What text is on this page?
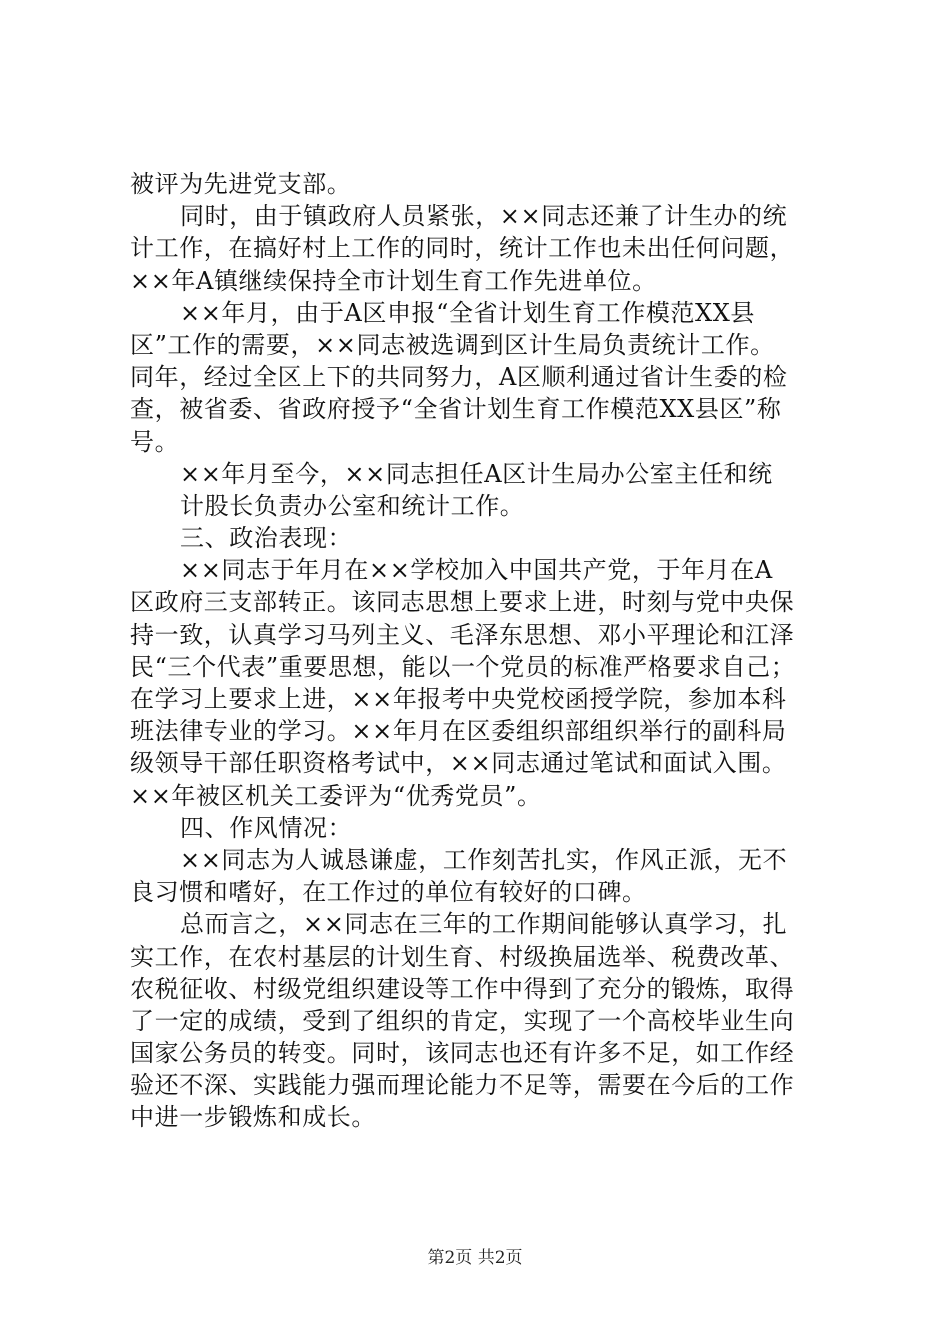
被评为先进党支部。
同时，由于镇政府人员紧张，××同志还兼了计生办的统
计工作，在搞好村上工作的同时，统计工作也未出任何问题，
××年A镇继续保持全市计划生育工作先进单位。
××年月，由于A区申报“全省计划生育工作模范XX县
区”工作的需要，××同志被选调到区计生局负责统计工作。
同年，经过全区上下的共同努力，A区顺利通过省计生委的检
查，被省委、省政府授予“全省计划生育工作模范XX县区”称
号。
××年月至今，××同志担任A区计生局办公室主任和统
计股长负责办公室和统计工作。
三、政治表现：
××同志于年月在××学校加入中国共产党，于年月在A
区政府三支部转正。该同志思想上要求上进，时刻与党中央保
持一致，认真学习马列主义、毛泽东思想、邓小平理论和江泽
民“三个代表”重要思想，能以一个党员的标准严格要求自己；
在学习上要求上进，××年报考中央党校函授学院，参加本科
班法律专业的学习。××年月在区委组织部组织举行的副科局
级领导干部任职资格考试中，××同志通过笔试和面试入围。
××年被区机关工委评为“优秀党员”。
四、作风情况：
××同志为人诚恳谦虚，工作刻苦扎实，作风正派，无不
良习惯和嗜好，在工作过的单位有较好的口碑。
总而言之，××同志在三年的工作期间能够认真学习，扎
实工作，在农村基层的计划生育、村级换届选举、税费改革、
农税征收、村级党组织建设等工作中得到了充分的锻炼，取得
了一定的成绩，受到了组织的肯定，实现了一个高校毕业生向
国家公务员的转变。同时，该同志也还有许多不足，如工作经
验还不深、实践能力强而理论能力不足等，需要在今后的工作
中进一步锻炼和成长。
第2页 共2页
